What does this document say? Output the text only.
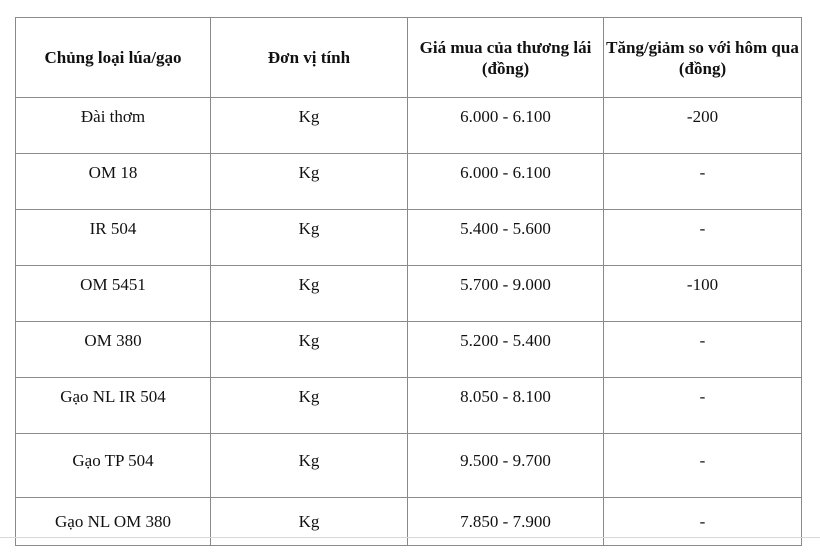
Chủng loại lúa/gạo	Đơn vị tính	Giá mua của thương lái (đồng)	Tăng/giảm so với hôm qua (đồng)
Đài thơm	Kg	6.000 - 6.100	-200
OM 18	Kg	6.000 - 6.100	-
IR 504	Kg	5.400 - 5.600	-
OM 5451	Kg	5.700 - 9.000	-100
OM 380	Kg	5.200 - 5.400	-
Gạo NL IR 504	Kg	8.050 - 8.100	-
Gạo TP 504	Kg	9.500 - 9.700	-
Gạo NL OM 380	Kg	7.850 - 7.900	-
